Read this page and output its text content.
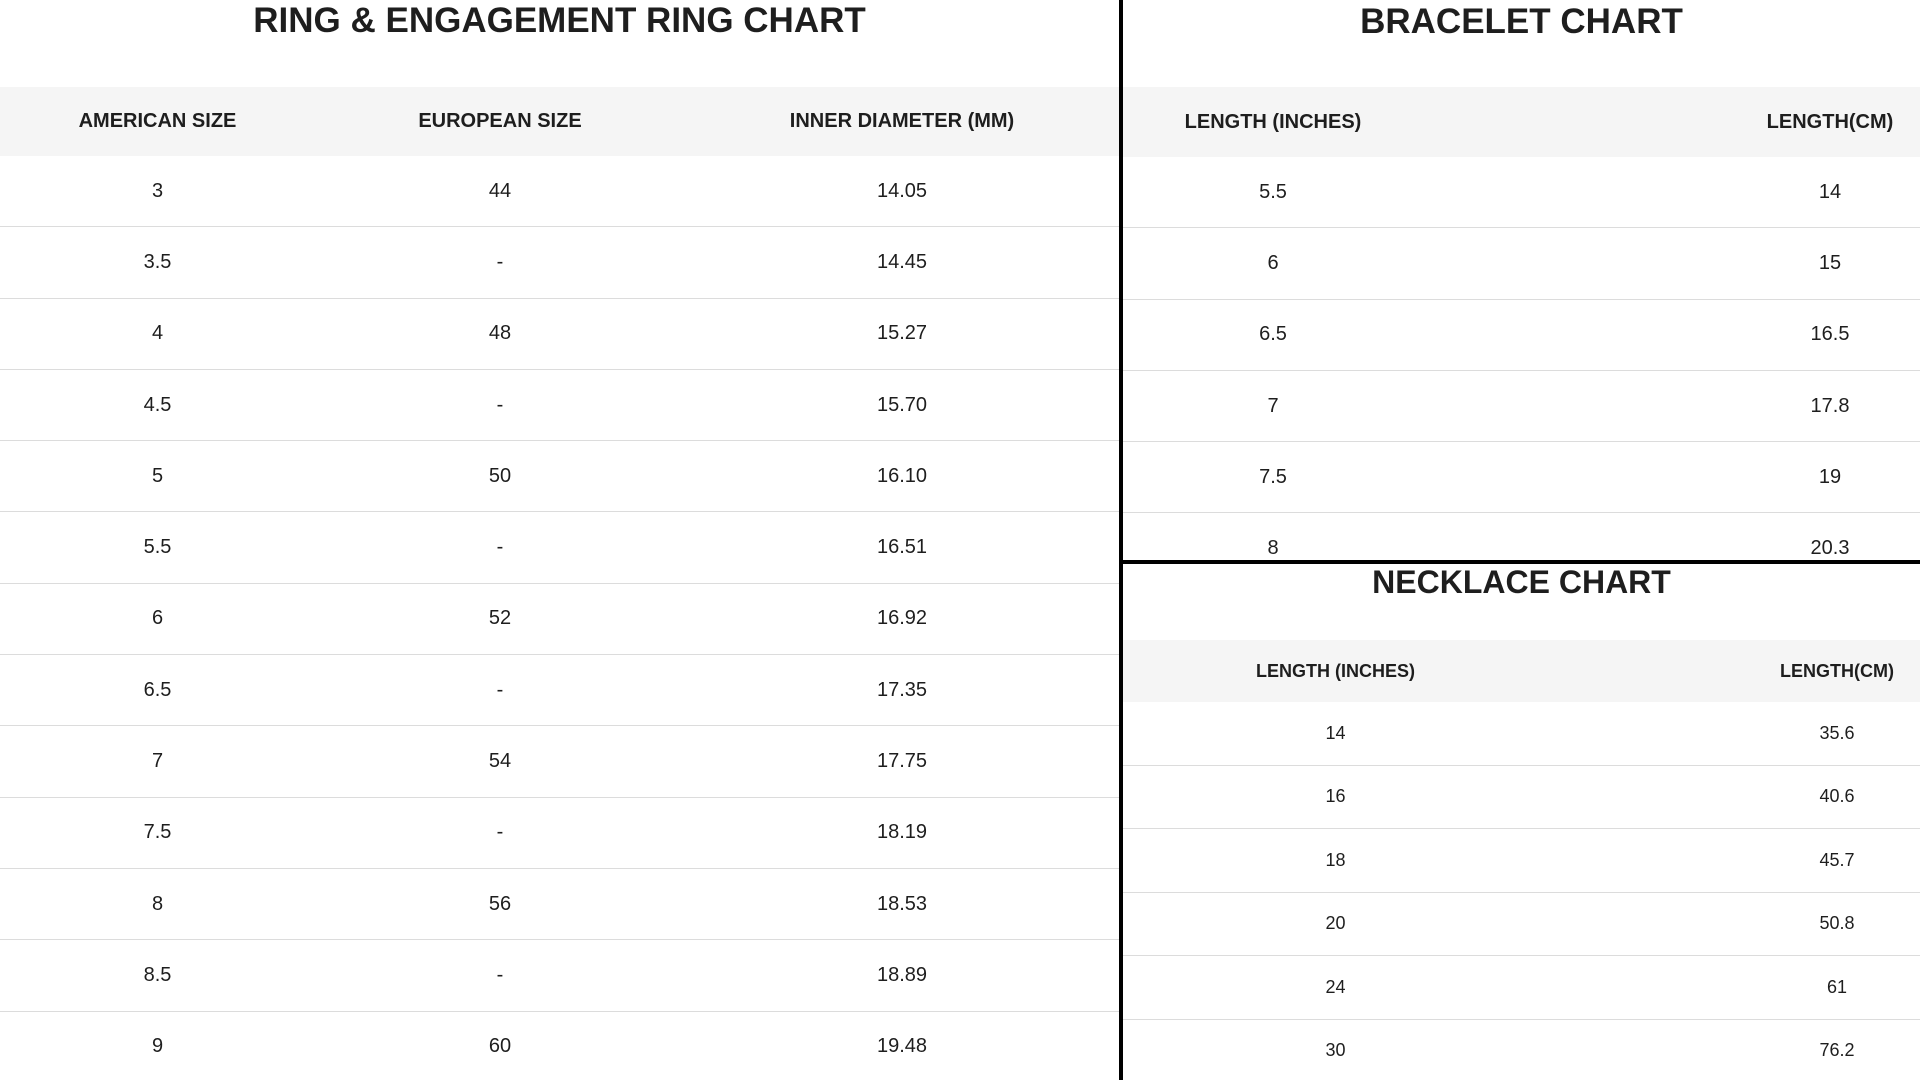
RING & ENGAGEMENT RING CHART
AMERICAN SIZE	EUROPEAN SIZE	INNER DIAMETER (MM)
3	44	14.05
3.5	-	14.45
4	48	15.27
4.5	-	15.70
5	50	16.10
5.5	-	16.51
6	52	16.92
6.5	-	17.35
7	54	17.75
7.5	-	18.19
8	56	18.53
8.5	-	18.89
9	60	19.48
BRACELET CHART
LENGTH (INCHES)	LENGTH(CM)
5.5	14
6	15
6.5	16.5
7	17.8
7.5	19
8	20.3
NECKLACE CHART
LENGTH (INCHES)	LENGTH(CM)
14	35.6
16	40.6
18	45.7
20	50.8
24	61
30	76.2
